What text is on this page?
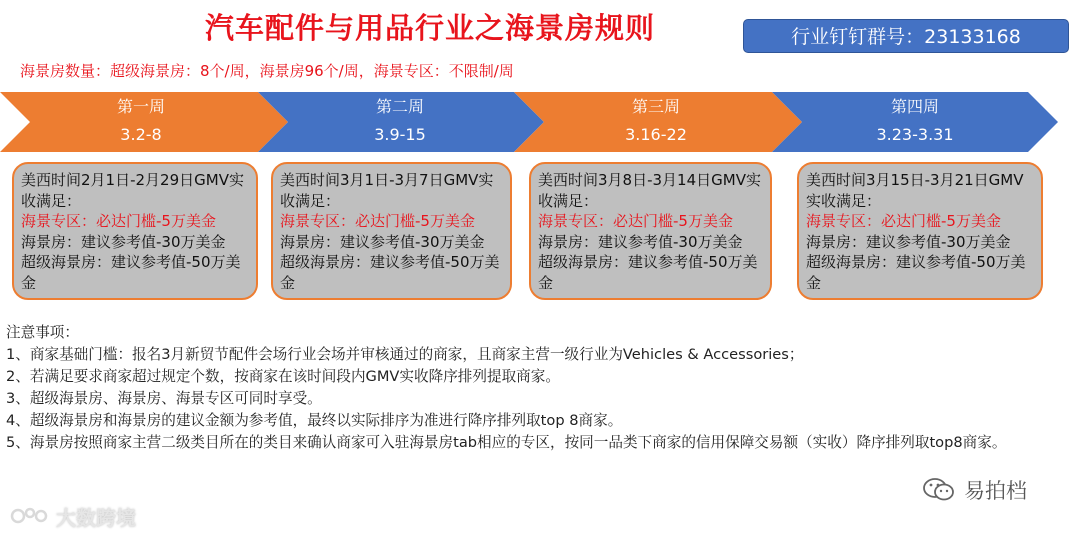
汽车配件与用品行业之海景房规则	行业钉钉群号：23133168
海景房数量：超级海景房：8个/周，海景房96个/周，海景专区：不限制/周
第一周
3.2-8
第二周
3.9-15
第三周
3.16-22
第四周
3.23-3.31
美西时间2月1日-2月29日GMV实收满足：
海景专区：必达门槛-5万美金
海景房：建议参考值-30万美金
超级海景房：建议参考值-50万美金
美西时间3月1日-3月7日GMV实收满足：
海景专区：必达门槛-5万美金
海景房：建议参考值-30万美金
超级海景房：建议参考值-50万美金
美西时间3月8日-3月14日GMV实收满足：
海景专区：必达门槛-5万美金
海景房：建议参考值-30万美金
超级海景房：建议参考值-50万美金
美西时间3月15日-3月21日GMV实收满足：
海景专区：必达门槛-5万美金
海景房：建议参考值-30万美金
超级海景房：建议参考值-50万美金
注意事项：
1、商家基础门槛：报名3月新贸节配件会场行业会场并审核通过的商家，且商家主营一级行业为Vehicles & Accessories；
2、若满足要求商家超过规定个数，按商家在该时间段内GMV实收降序排列提取商家。
3、超级海景房、海景房、海景专区可同时享受。
4、超级海景房和海景房的建议金额为参考值，最终以实际排序为准进行降序排列取top 8商家。
5、海景房按照商家主营二级类目所在的类目来确认商家可入驻海景房tab相应的专区，按同一品类下商家的信用保障交易额（实收）降序排列取top8商家。
易拍档
大数跨境
